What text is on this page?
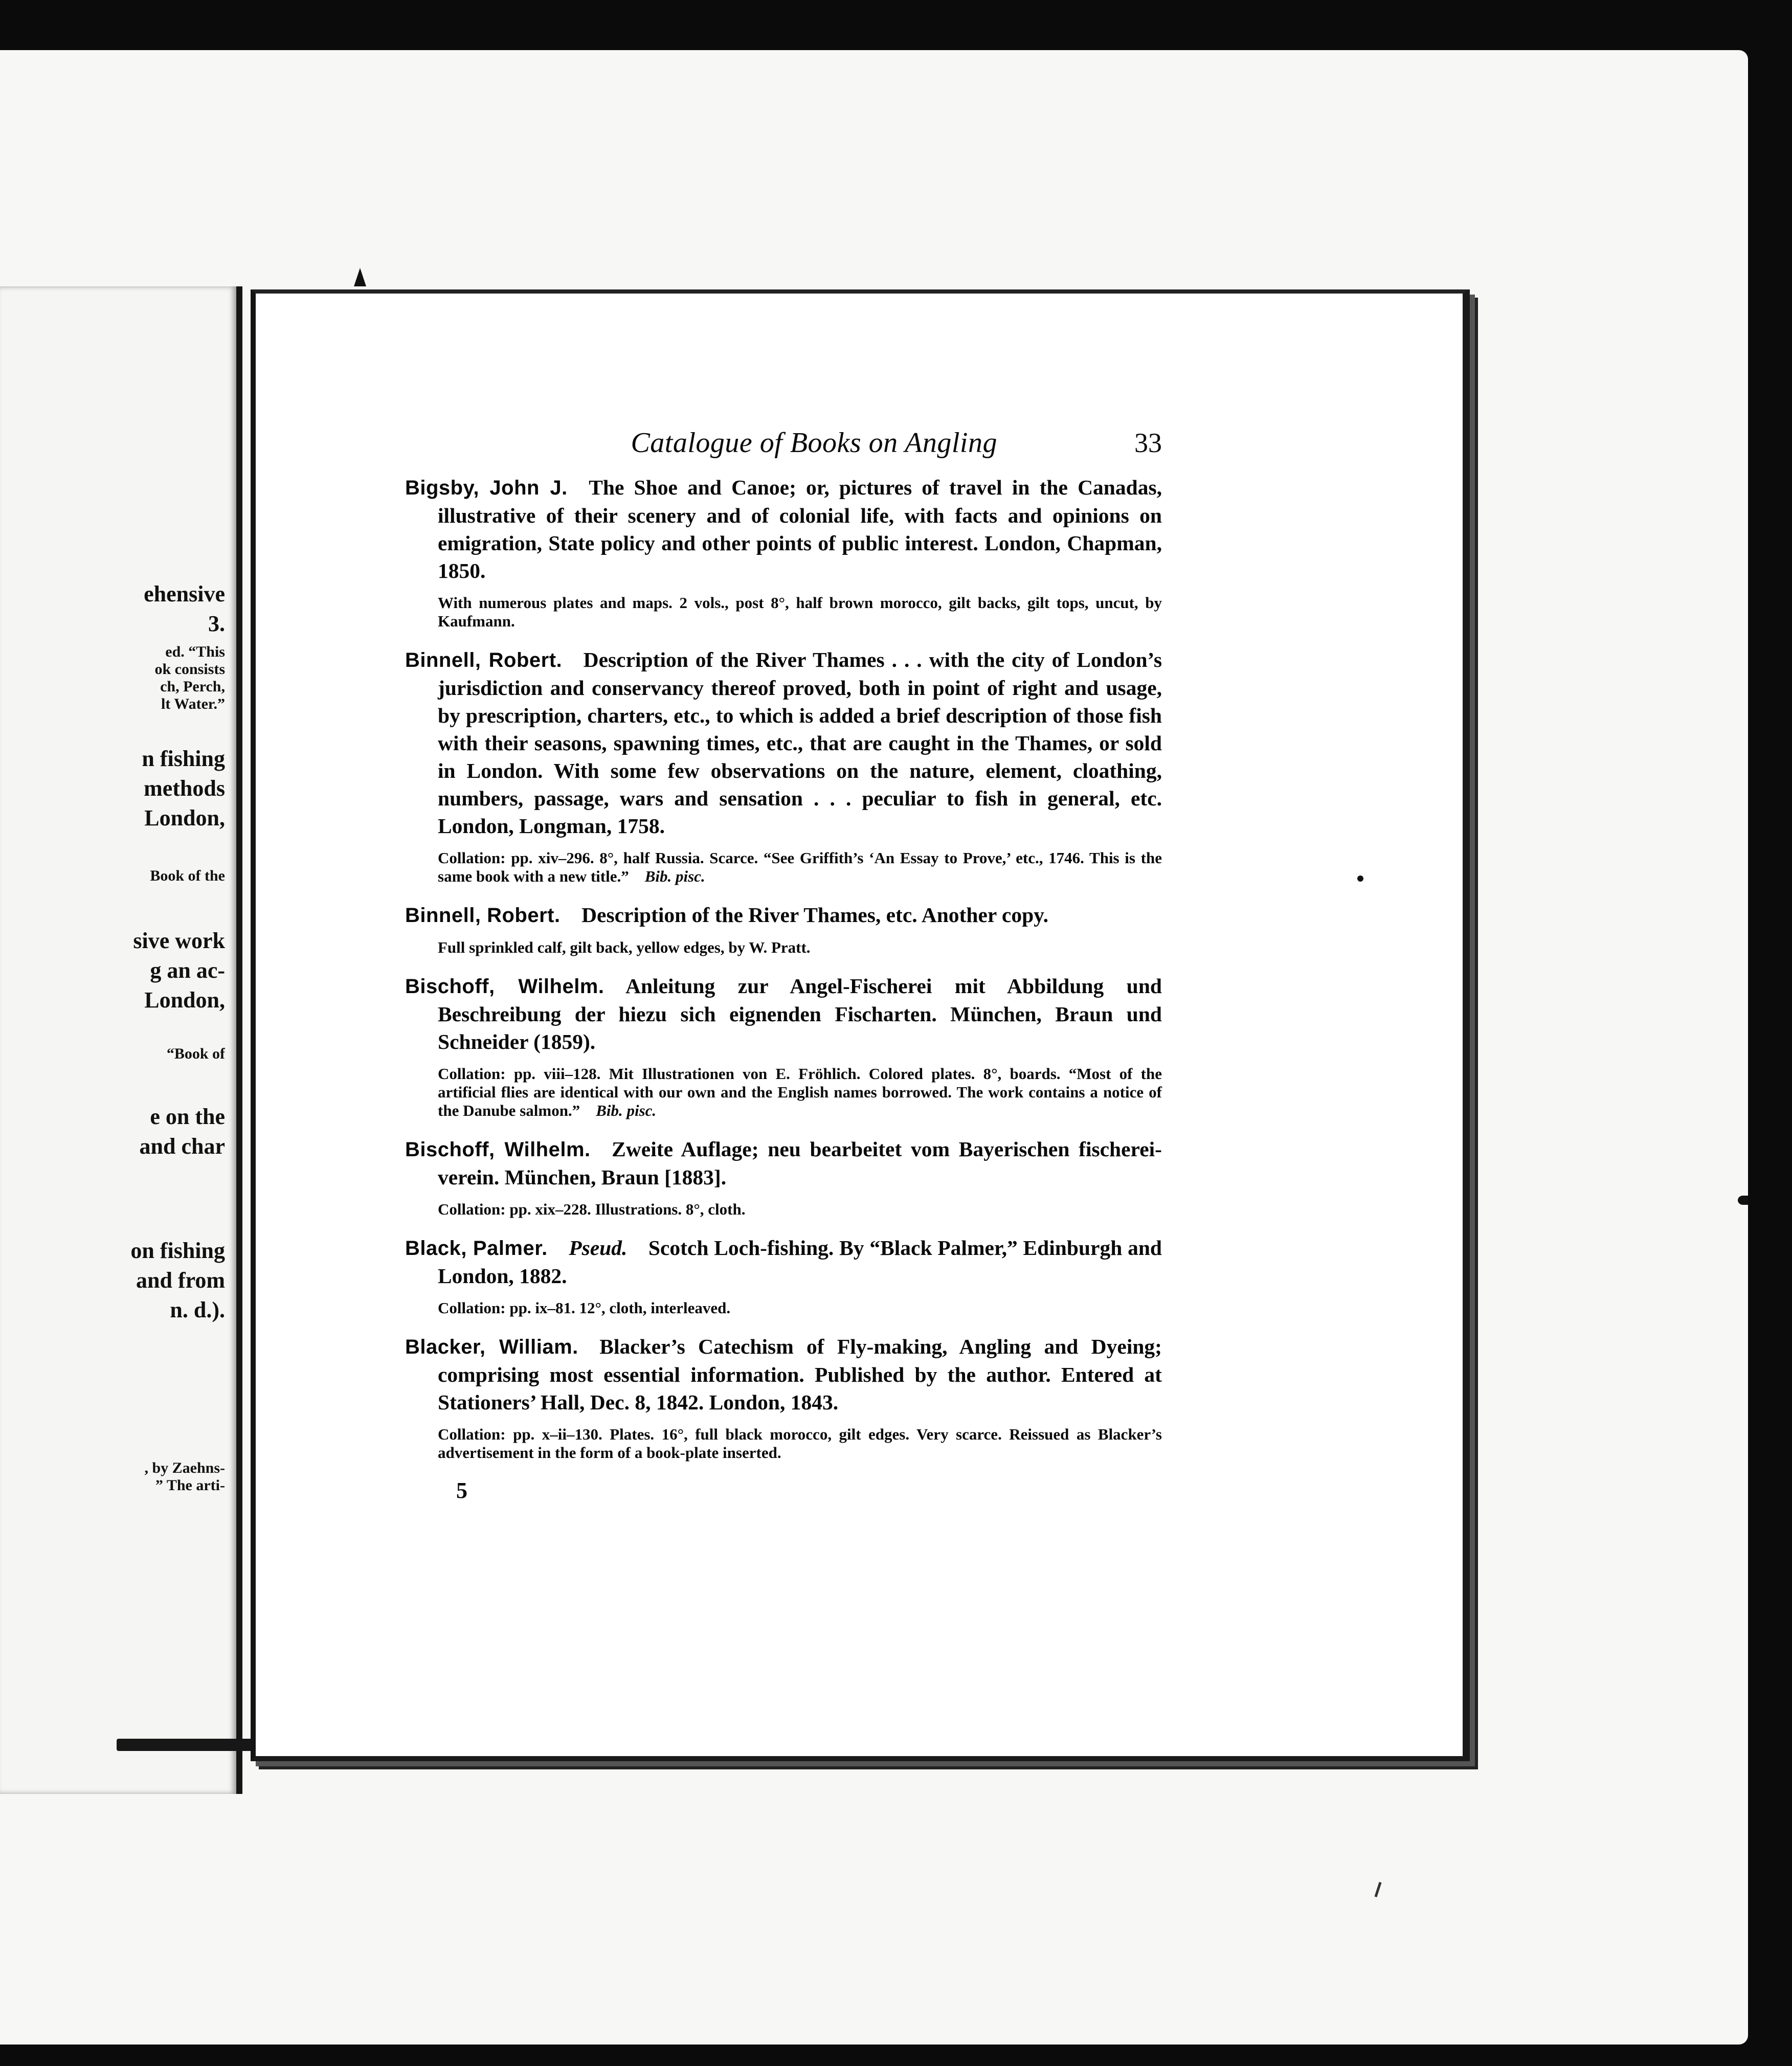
ehensive
3.
ed. “This
ok consists
ch, Perch,
lt Water.”
n fishing
methods
London,
Book of the
sive work
g an ac-
London,
“Book of
e on the
and char
on fishing
and from
n. d.).
, by Zaehns-
” The arti-
Catalogue of Books on Angling	33
Bigsby, John J.  The Shoe and Canoe; or, pictures of travel in the Canadas, illustrative of their scenery and of colonial life, with facts and opinions on emigration, State policy and other points of public interest. London, Chapman, 1850.
With numerous plates and maps. 2 vols., post 8°, half brown morocco, gilt backs, gilt tops, uncut, by Kaufmann.
Binnell, Robert.  Description of the River Thames . . . with the city of London’s jurisdiction and conservancy thereof proved, both in point of right and usage, by prescription, charters, etc., to which is added a brief description of those fish with their seasons, spawning times, etc., that are caught in the Thames, or sold in London. With some few observations on the nature, element, cloathing, numbers, passage, wars and sensation . . . peculiar to fish in general, etc. London, Longman, 1758.
Collation: pp. xiv–296. 8°, half Russia. Scarce. “See Griffith’s ‘An Essay to Prove,’ etc., 1746. This is the same book with a new title.”  Bib. pisc.
Binnell, Robert.  Description of the River Thames, etc. Another copy.
Full sprinkled calf, gilt back, yellow edges, by W. Pratt.
Bischoff, Wilhelm.  Anleitung zur Angel-Fischerei mit Abbildung und Beschreibung der hiezu sich eignenden Fischarten. München, Braun und Schneider (1859).
Collation: pp. viii–128. Mit Illustrationen von E. Fröhlich. Colored plates. 8°, boards. “Most of the artificial flies are identical with our own and the English names borrowed. The work contains a notice of the Danube salmon.”  Bib. pisc.
Bischoff, Wilhelm.  Zweite Auflage; neu bearbeitet vom Bayerischen fischerei-verein. München, Braun [1883].
Collation: pp. xix–228. Illustrations. 8°, cloth.
Black, Palmer.  Pseud.  Scotch Loch-fishing. By “Black Palmer,” Edinburgh and London, 1882.
Collation: pp. ix–81. 12°, cloth, interleaved.
Blacker, William.  Blacker’s Catechism of Fly-making, Angling and Dyeing; comprising most essential information. Published by the author. Entered at Stationers’ Hall, Dec. 8, 1842. London, 1843.
Collation: pp. x–ii–130. Plates. 16°, full black morocco, gilt edges. Very scarce. Reissued as Blacker’s advertisement in the form of a book-plate inserted.
5
